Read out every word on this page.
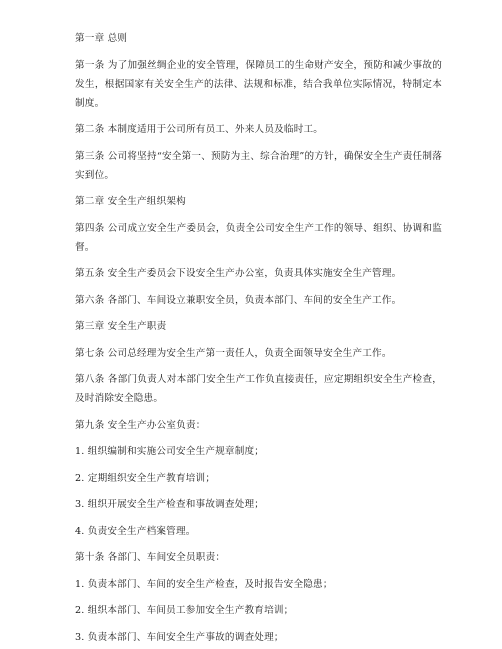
第一章 总则

第一条 为了加强丝绸企业的安全管理，保障员工的生命财产安全，预防和减少事故的发生，根据国家有关安全生产的法律、法规和标准，结合我单位实际情况，特制定本制度。

第二条 本制度适用于公司所有员工、外来人员及临时工。

第三条 公司将坚持“安全第一、预防为主、综合治理”的方针，确保安全生产责任制落实到位。

第二章 安全生产组织架构

第四条 公司成立安全生产委员会，负责全公司安全生产工作的领导、组织、协调和监督。

第五条 安全生产委员会下设安全生产办公室，负责具体实施安全生产管理。

第六条 各部门、车间设立兼职安全员，负责本部门、车间的安全生产工作。

第三章 安全生产职责

第七条 公司总经理为安全生产第一责任人，负责全面领导安全生产工作。

第八条 各部门负责人对本部门安全生产工作负直接责任，应定期组织安全生产检查，及时消除安全隐患。

第九条 安全生产办公室负责：

1. 组织编制和实施公司安全生产规章制度；

2. 定期组织安全生产教育培训；

3. 组织开展安全生产检查和事故调查处理；

4. 负责安全生产档案管理。

第十条 各部门、车间安全员职责：

1. 负责本部门、车间的安全生产检查，及时报告安全隐患；

2. 组织本部门、车间员工参加安全生产教育培训；

3. 负责本部门、车间安全生产事故的调查处理；
